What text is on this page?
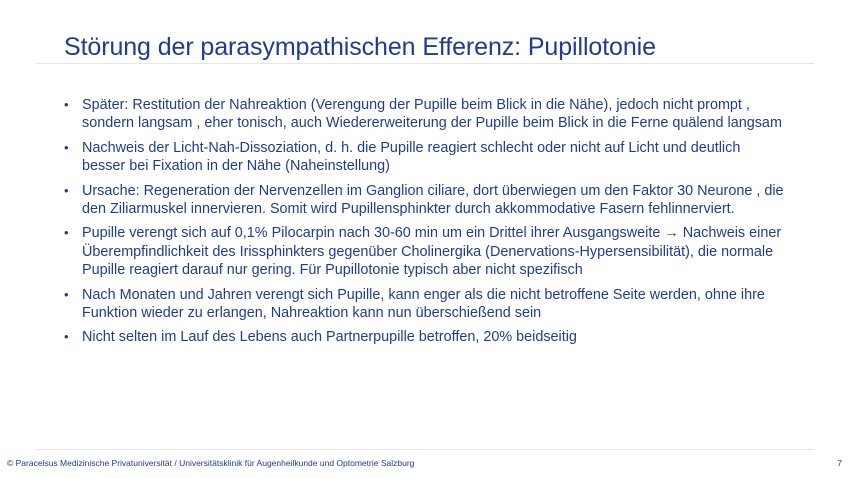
Störung der parasympathischen Efferenz: Pupillotonie
• Später: Restitution der Nahreaktion (Verengung der Pupille beim Blick in die Nähe), jedoch nicht prompt , sondern langsam , eher tonisch, auch Wiedererweiterung der Pupille beim Blick in die Ferne quälend langsam
• Nachweis der Licht-Nah-Dissoziation, d. h. die Pupille reagiert schlecht oder nicht auf Licht und deutlich besser bei Fixation in der Nähe (Naheinstellung)
• Ursache: Regeneration der Nervenzellen im Ganglion ciliare, dort überwiegen um den Faktor 30 Neurone , die den Ziliarmuskel innervieren. Somit wird Pupillensphinkter durch akkommodative Fasern fehlinnerviert.
• Pupille verengt sich auf 0,1% Pilocarpin nach 30-60 min um ein Drittel ihrer Ausgangsweite → Nachweis einer Überempfindlichkeit des Irissphinkters gegenüber Cholinergika (Denervations-Hypersensibilität), die normale Pupille reagiert darauf nur gering. Für Pupillotonie typisch aber nicht spezifisch
• Nach Monaten und Jahren verengt sich Pupille, kann enger als die nicht betroffene Seite werden, ohne ihre Funktion wieder zu erlangen, Nahreaktion kann nun überschießend sein
• Nicht selten im Lauf des Lebens auch Partnerpupille betroffen, 20% beidseitig
© Paracelsus Medizinische Privatuniversität / Universitätsklinik für Augenheilkunde und Optometrie Salzburg	7
